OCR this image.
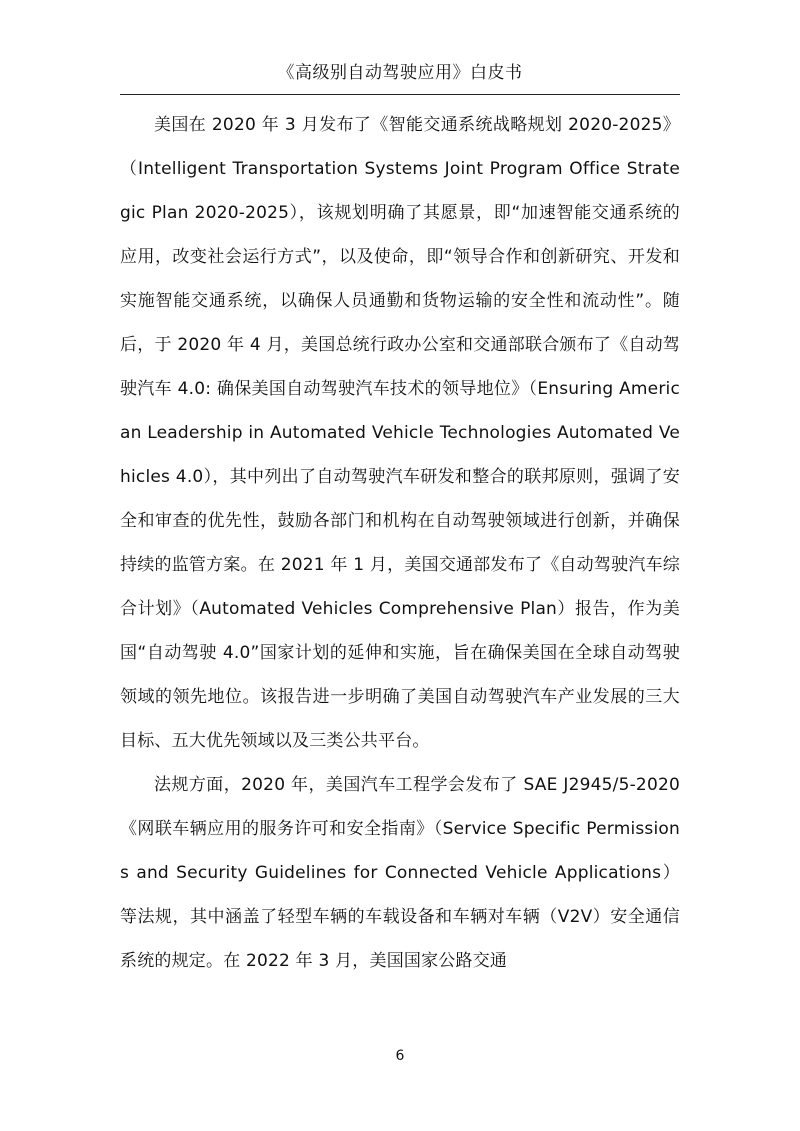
《高级别自动驾驶应用》白皮书

美国在 2020 年 3 月发布了《智能交通系统战略规划 2020-2025》（Intelligent Transportation Systems Joint Program Office Strategic Plan 2020-2025），该规划明确了其愿景，即“加速智能交通系统的应用，改变社会运行方式”，以及使命，即“领导合作和创新研究、开发和实施智能交通系统，以确保人员通勤和货物运输的安全性和流动性”。随后，于 2020 年 4 月，美国总统行政办公室和交通部联合颁布了《自动驾驶汽车 4.0: 确保美国自动驾驶汽车技术的领导地位》（Ensuring American Leadership in Automated Vehicle Technologies Automated Vehicles 4.0），其中列出了自动驾驶汽车研发和整合的联邦原则，强调了安全和审查的优先性，鼓励各部门和机构在自动驾驶领域进行创新，并确保持续的监管方案。在 2021 年 1 月，美国交通部发布了《自动驾驶汽车综合计划》（Automated Vehicles Comprehensive Plan）报告，作为美国“自动驾驶 4.0”国家计划的延伸和实施，旨在确保美国在全球自动驾驶领域的领先地位。该报告进一步明确了美国自动驾驶汽车产业发展的三大目标、五大优先领域以及三类公共平台。

法规方面，2020 年，美国汽车工程学会发布了 SAE J2945/5-2020《网联车辆应用的服务许可和安全指南》（Service Specific Permissions and Security Guidelines for Connected Vehicle Applications）等法规，其中涵盖了轻型车辆的车载设备和车辆对车辆（V2V）安全通信系统的规定。在 2022 年 3 月，美国国家公路交通

6
